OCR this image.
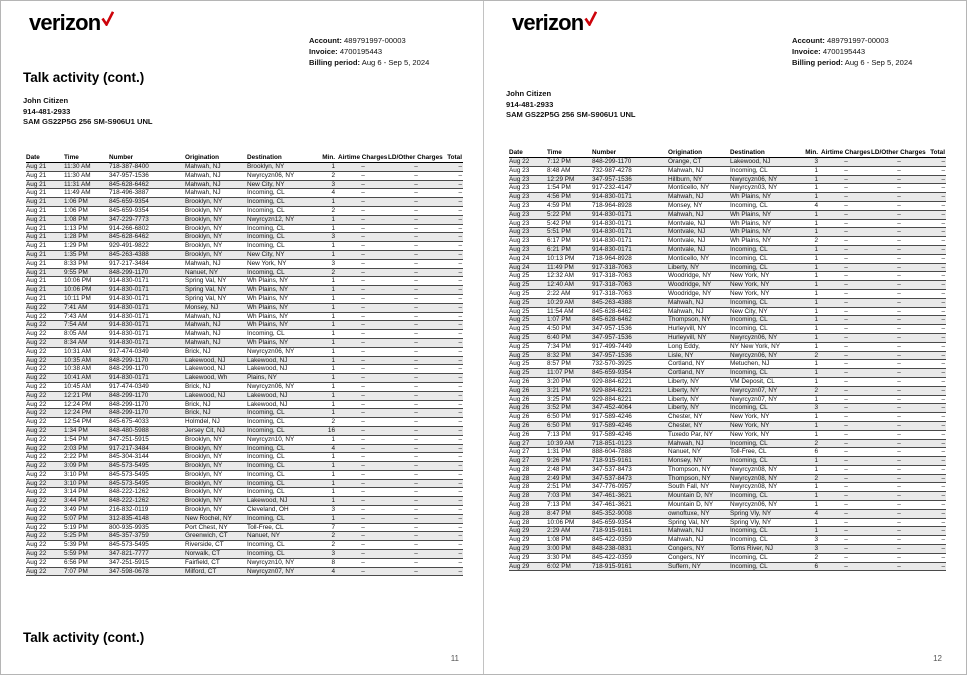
verizon
Account: 489791997-00003
Invoice: 4700195443
Billing period: Aug 6 - Sep 5, 2024
Talk activity (cont.)
John Citizen
914-481-2933
SAM GS22P5G 256 SM-S906U1 UNL
Date	Time	Number	Origination	Destination	Min.	Airtime Charges	LD/Other Charges	Total
Aug 21	11:30 AM	718-387-8400	Mahwah, NJ	Brooklyn, NY	1	–	–	–
Aug 21	11:30 AM	347-957-1536	Mahwah, NJ	Nwyrcyzn06, NY	2	–	–	–
Aug 21	11:31 AM	845-628-6462	Mahwah, NJ	New City, NY	3	–	–	–
Aug 21	11:49 AM	718-496-3887	Mahwah, NJ	Incoming, CL	4	–	–	–
Aug 21	1:06 PM	845-659-9354	Brooklyn, NY	Incoming, CL	1	–	–	–
Aug 21	1:06 PM	845-659-9354	Brooklyn, NY	Incoming, CL	2	–	–	–
Aug 21	1:08 PM	347-229-7773	Brooklyn, NY	Nwyrcyzn12, NY	1	–	–	–
Aug 21	1:13 PM	914-266-6802	Brooklyn, NY	Incoming, CL	1	–	–	–
Aug 21	1:28 PM	845-628-6462	Brooklyn, NY	Incoming, CL	3	–	–	–
Aug 21	1:29 PM	929-491-9822	Brooklyn, NY	Incoming, CL	1	–	–	–
Aug 21	1:35 PM	845-263-4388	Brooklyn, NY	New City, NY	1	–	–	–
Aug 21	8:33 PM	917-217-3484	Mahwah, NJ	New York, NY	3	–	–	–
Aug 21	9:55 PM	848-299-1170	Nanuet, NY	Incoming, CL	2	–	–	–
Aug 21	10:06 PM	914-830-0171	Spring Val, NY	Wh Plains, NY	1	–	–	–
Aug 21	10:06 PM	914-830-0171	Spring Val, NY	Wh Plains, NY	1	–	–	–
Aug 21	10:11 PM	914-830-0171	Spring Val, NY	Wh Plains, NY	1	–	–	–
Aug 22	7:41 AM	914-830-0171	Monsey, NJ	Wh Plains, NY	1	–	–	–
Aug 22	7:43 AM	914-830-0171	Mahwah, NJ	Wh Plains, NY	1	–	–	–
Aug 22	7:54 AM	914-830-0171	Mahwah, NJ	Wh Plains, NY	1	–	–	–
Aug 22	8:05 AM	914-830-0171	Mahwah, NJ	Incoming, CL	1	–	–	–
Aug 22	8:34 AM	914-830-0171	Mahwah, NJ	Wh Plains, NY	1	–	–	–
Aug 22	10:31 AM	917-474-0349	Brick, NJ	Nwyrcyzn06, NY	1	–	–	–
Aug 22	10:35 AM	848-299-1170	Lakewood, NJ	Lakewood, NJ	1	–	–	–
Aug 22	10:38 AM	848-299-1170	Lakewood, NJ	Lakewood, NJ	1	–	–	–
Aug 22	10:41 AM	914-830-0171	Lakewood, Wh	Plains, NY	1	–	–	–
Aug 22	10:45 AM	917-474-0349	Brick, NJ	Nwyrcyzn06, NY	1	–	–	–
Aug 22	12:21 PM	848-299-1170	Lakewood, NJ	Lakewood, NJ	1	–	–	–
Aug 22	12:24 PM	848-299-1170	Brick, NJ	Lakewood, NJ	1	–	–	–
Aug 22	12:24 PM	848-299-1170	Brick, NJ	Incoming, CL	1	–	–	–
Aug 22	12:54 PM	845-675-4033	Holmdel, NJ	Incoming, CL	2	–	–	–
Aug 22	1:34 PM	848-480-5988	Jersey Cit, NJ	Incoming, CL	16	–	–	–
Aug 22	1:54 PM	347-251-5915	Brooklyn, NY	Nwyrcyzn10, NY	1	–	–	–
Aug 22	2:03 PM	917-217-3484	Brooklyn, NY	Incoming, CL	4	–	–	–
Aug 22	2:22 PM	845-304-3144	Brooklyn, NY	Incoming, CL	1	–	–	–
Aug 22	3:09 PM	845-573-5495	Brooklyn, NY	Incoming, CL	1	–	–	–
Aug 22	3:10 PM	845-573-5495	Brooklyn, NY	Incoming, CL	1	–	–	–
Aug 22	3:10 PM	845-573-5495	Brooklyn, NY	Incoming, CL	1	–	–	–
Aug 22	3:14 PM	848-222-1262	Brooklyn, NY	Incoming, CL	1	–	–	–
Aug 22	3:44 PM	848-222-1262	Brooklyn, NY	Lakewood, NJ	1	–	–	–
Aug 22	3:49 PM	216-832-0119	Brooklyn, NY	Cleveland, OH	3	–	–	–
Aug 22	5:07 PM	312-835-4148	New Rochel, NY	Incoming, CL	1	–	–	–
Aug 22	5:19 PM	800-935-9935	Port Chest, NY	Toll-Free, CL	7	–	–	–
Aug 22	5:25 PM	845-357-3759	Greenwich, CT	Nanuet, NY	2	–	–	–
Aug 22	5:39 PM	845-573-5495	Riverside, CT	Incoming, CL	2	–	–	–
Aug 22	5:59 PM	347-821-7777	Norwalk, CT	Incoming, CL	3	–	–	–
Aug 22	6:56 PM	347-251-5915	Fairfield, CT	Nwyrcyzn10, NY	8	–	–	–
Aug 22	7:07 PM	347-598-0678	Milford, CT	Nwyrcyzn07, NY	4	–	–	–
Talk activity (cont.)
11
verizon
Account: 489791997-00003
Invoice: 4700195443
Billing period: Aug 6 - Sep 5, 2024
John Citizen
914-481-2933
SAM GS22P5G 256 SM-S906U1 UNL
Date	Time	Number	Origination	Destination	Min.	Airtime Charges	LD/Other Charges	Total
Aug 22	7:12 PM	848-299-1170	Orange, CT	Lakewood, NJ	3	–	–	–
Aug 23	8:48 AM	732-987-4278	Mahwah, NJ	Incoming, CL	1	–	–	–
Aug 23	12:29 PM	347-957-1536	Hillburn, NY	Nwyrcyzn06, NY	1	–	–	–
Aug 23	1:54 PM	917-232-4147	Monticello, NY	Nwyrcyzn03, NY	1	–	–	–
Aug 23	4:56 PM	914-830-0171	Mahwah, NJ	Wh Plains, NY	1	–	–	–
Aug 23	4:59 PM	718-964-8928	Monsey, NY	Incoming, CL	4	–	–	–
Aug 23	5:22 PM	914-830-0171	Mahwah, NJ	Wh Plains, NY	1	–	–	–
Aug 23	5:42 PM	914-830-0171	Montvale, NJ	Wh Plains, NY	1	–	–	–
Aug 23	5:51 PM	914-830-0171	Montvale, NJ	Wh Plains, NY	1	–	–	–
Aug 23	6:17 PM	914-830-0171	Montvale, NJ	Wh Plains, NY	2	–	–	–
Aug 23	6:21 PM	914-830-0171	Montvale, NJ	Incoming, CL	1	–	–	–
Aug 24	10:13 PM	718-964-8928	Monticello, NY	Incoming, CL	1	–	–	–
Aug 24	11:49 PM	917-318-7063	Liberty, NY	Incoming, CL	1	–	–	–
Aug 25	12:32 AM	917-318-7063	Woodridge, NY	New York, NY	1	–	–	–
Aug 25	12:40 AM	917-318-7063	Woodridge, NY	New York, NY	1	–	–	–
Aug 25	2:22 AM	917-318-7063	Woodridge, NY	New York, NY	1	–	–	–
Aug 25	10:29 AM	845-263-4388	Mahwah, NJ	Incoming, CL	1	–	–	–
Aug 25	11:54 AM	845-628-6462	Mahwah, NJ	New City, NY	1	–	–	–
Aug 25	1:07 PM	845-628-6462	Thompson, NY	Incoming, CL	1	–	–	–
Aug 25	4:50 PM	347-957-1536	Hurleyvill, NY	Incoming, CL	1	–	–	–
Aug 25	6:40 PM	347-957-1536	Hurleyvill, NY	Nwyrcyzn06, NY	1	–	–	–
Aug 25	7:34 PM	917-499-7449	Long Eddy,	NY New York, NY	1	–	–	–
Aug 25	8:32 PM	347-957-1536	Lisle, NY	Nwyrcyzn06, NY	2	–	–	–
Aug 25	8:57 PM	732-570-3925	Cortland, NY	Metuchen, NJ	1	–	–	–
Aug 25	11:07 PM	845-659-9354	Cortland, NY	Incoming, CL	1	–	–	–
Aug 26	3:20 PM	929-884-6221	Liberty, NY	VM Deposit, CL	1	–	–	–
Aug 26	3:21 PM	929-884-6221	Liberty, NY	Nwyrcyzn07, NY	2	–	–	–
Aug 26	3:25 PM	929-884-6221	Liberty, NY	Nwyrcyzn07, NY	1	–	–	–
Aug 26	3:52 PM	347-452-4064	Liberty, NY	Incoming, CL	3	–	–	–
Aug 26	6:50 PM	917-589-4246	Chester, NY	New York, NY	1	–	–	–
Aug 26	6:50 PM	917-589-4246	Chester, NY	New York, NY	1	–	–	–
Aug 26	7:13 PM	917-589-4246	Tuxedo Par, NY	New York, NY	1	–	–	–
Aug 27	10:39 AM	718-851-0123	Mahwah, NJ	Incoming, CL	2	–	–	–
Aug 27	1:31 PM	888-604-7888	Nanuet, NY	Toll-Free, CL	6	–	–	–
Aug 27	9:26 PM	718-915-9161	Monsey, NY	Incoming, CL	1	–	–	–
Aug 28	2:48 PM	347-537-8473	Thompson, NY	Nwyrcyzn08, NY	1	–	–	–
Aug 28	2:49 PM	347-537-8473	Thompson, NY	Nwyrcyzn08, NY	2	–	–	–
Aug 28	2:51 PM	347-776-0957	South Fall, NY	Nwyrcyzn08, NY	1	–	–	–
Aug 28	7:03 PM	347-461-3621	Mountain D, NY	Incoming, CL	1	–	–	–
Aug 28	7:13 PM	347-461-3621	Mountain D, NY	Nwyrcyzn06, NY	1	–	–	–
Aug 28	8:47 PM	845-352-9008	ownoftuxe, NY	Spring Vly, NY	4	–	–	–
Aug 28	10:06 PM	845-659-9354	Spring Val, NY	Spring Vly, NY	1	–	–	–
Aug 29	2:29 AM	718-915-9161	Mahwah, NJ	Incoming, CL	1	–	–	–
Aug 29	1:08 PM	845-422-0359	Mahwah, NJ	Incoming, CL	3	–	–	–
Aug 29	3:00 PM	848-238-0831	Congers, NY	Toms River, NJ	3	–	–	–
Aug 29	3:30 PM	845-422-0359	Congers, NY	Incoming, CL	2	–	–	–
Aug 29	6:02 PM	718-915-9161	Suffern, NY	Incoming, CL	6	–	–	–
12
